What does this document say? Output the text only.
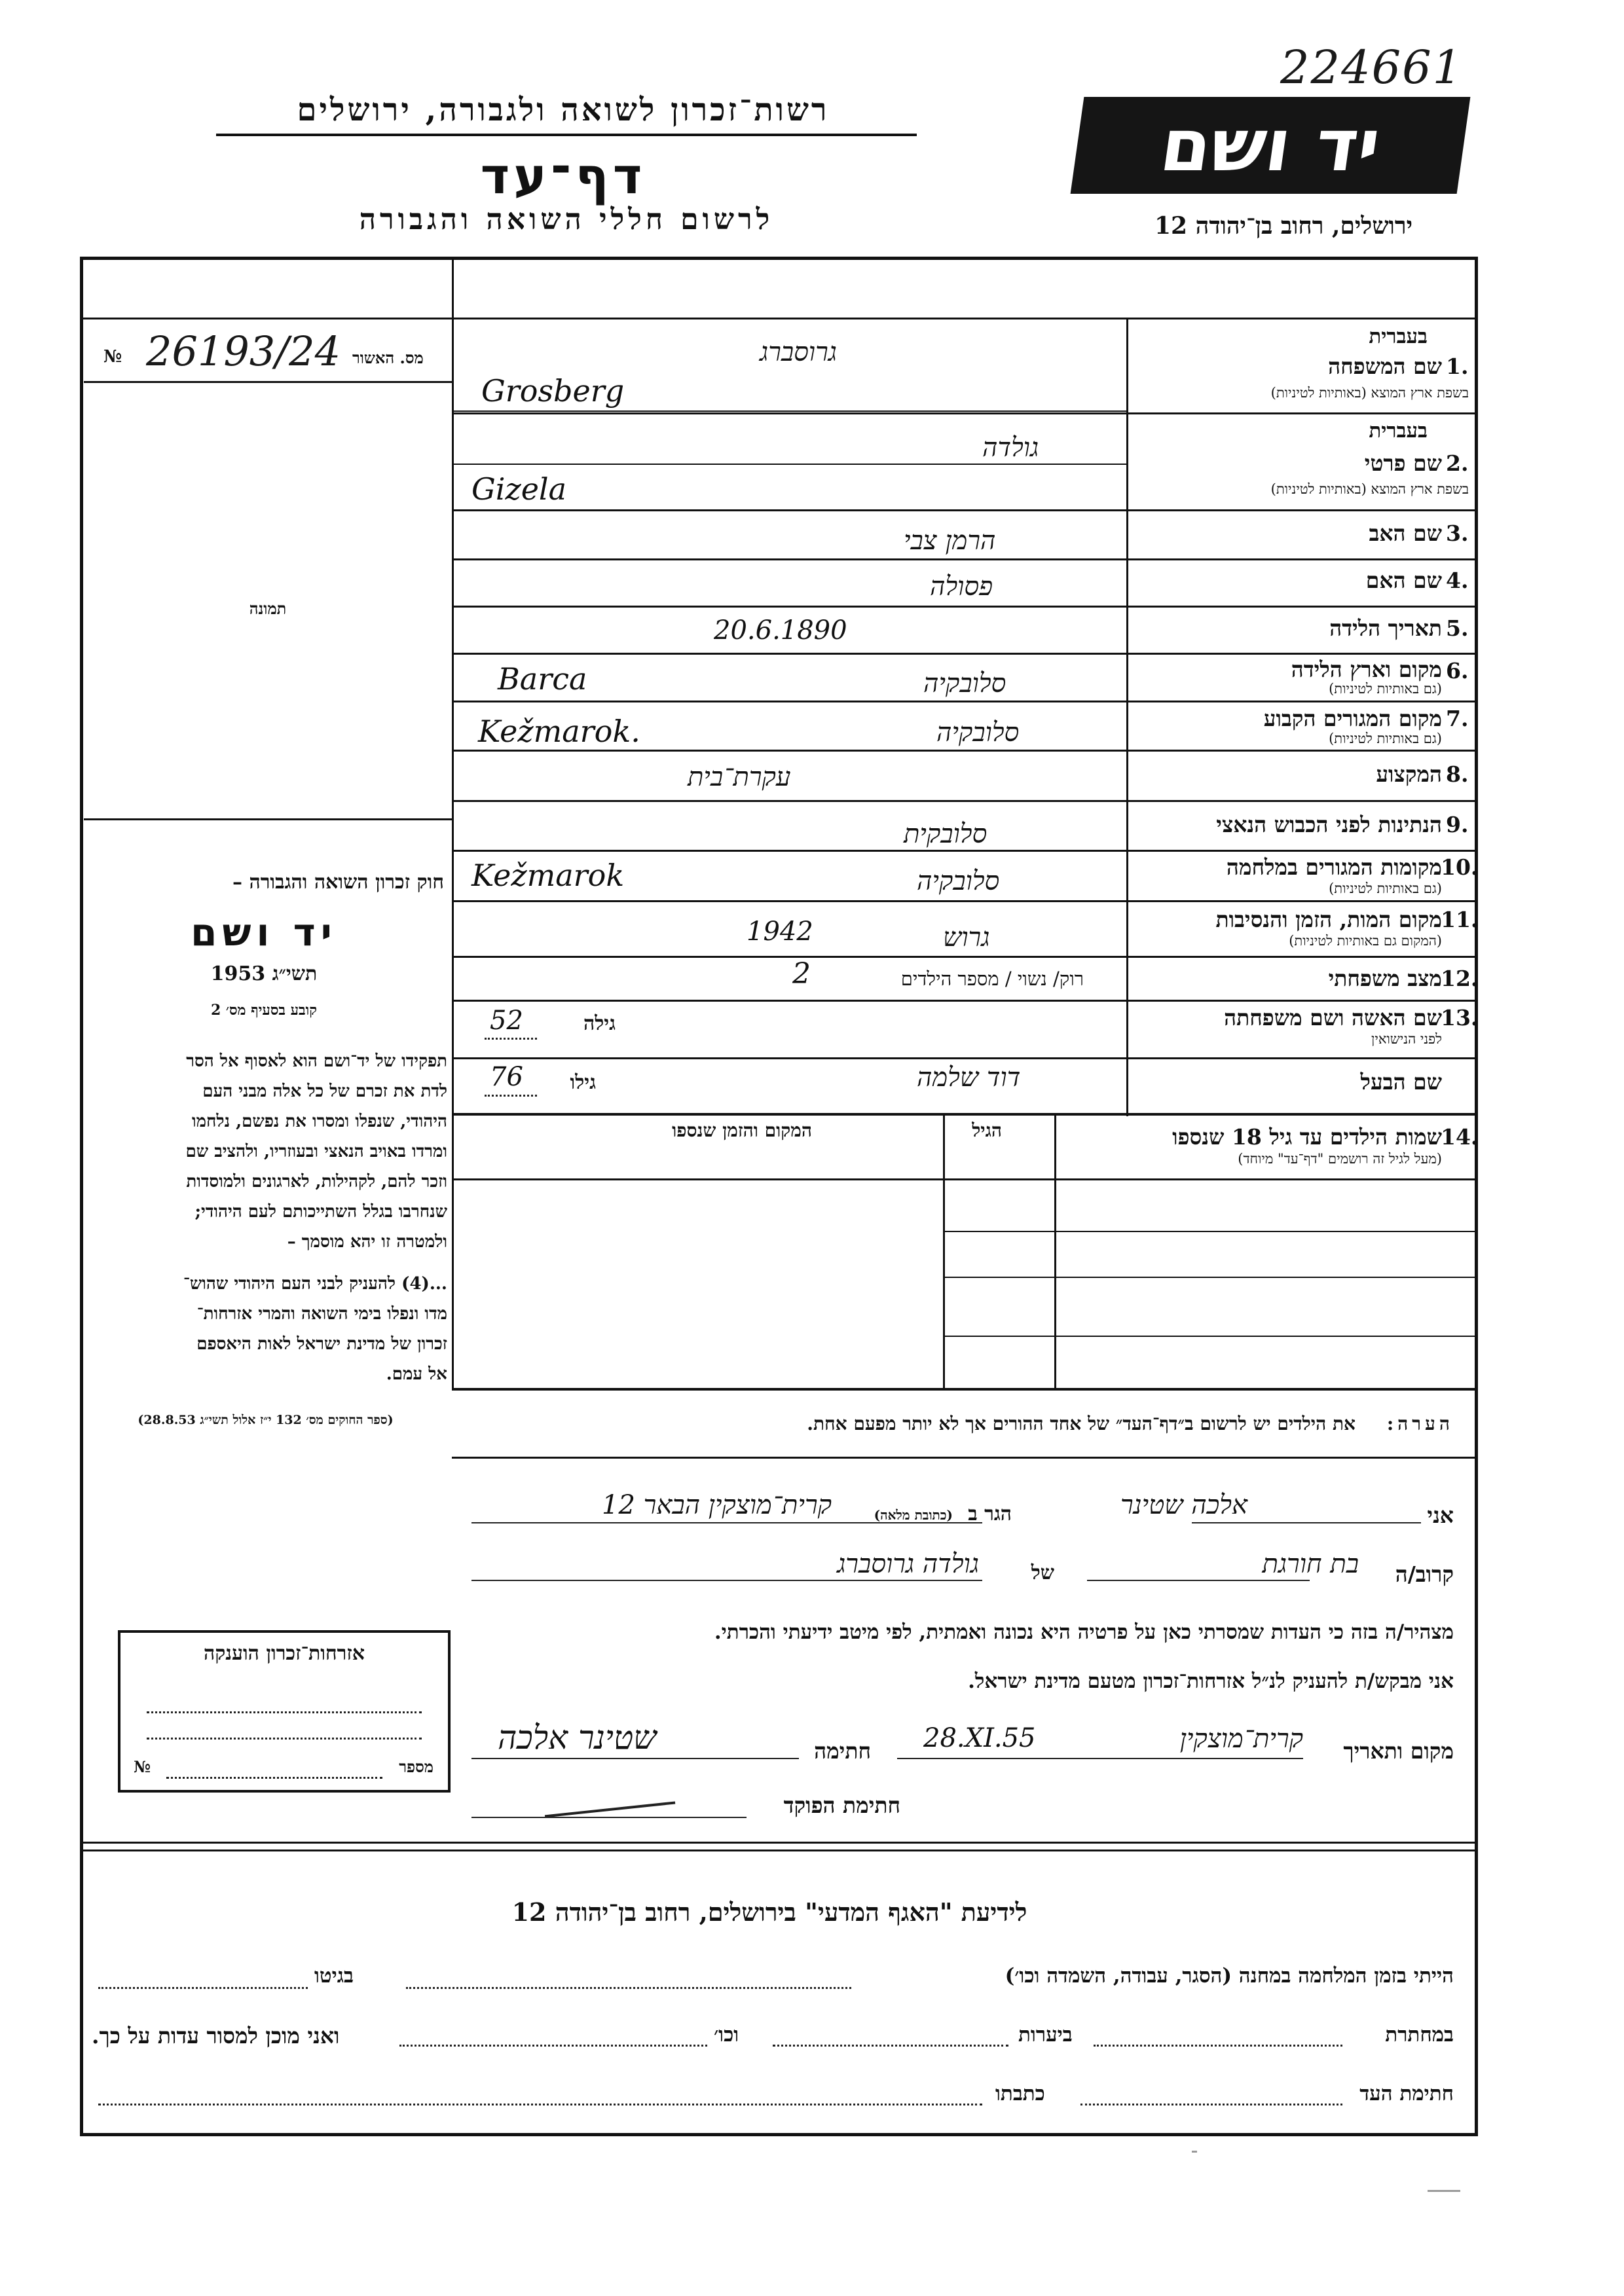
224661
יד ושם
רשות־זכרון לשואה ולגבורה, ירושלים
דף־עד
לרשום חללי השואה והגבורה	ירושלים, רחוב בן־יהודה 12
№ 26193/24 מס. האשור
תמונה
חוק זכרון השואה והגבורה –
יד ושם
תשי״ג 1953
קובע בסעיף מס׳ 2
תפקידו של יד־ושם הוא לאסוף אל הסר
לדת את זכרם של כל אלה מבני העם
היהודי, שנפלו ומסרו את נפשם, נלחמו
ומרדו באויב הנאצי ובעוזריו, ולהציב שם
וזכר להם, לקהילות, לארגונים ולמוסדות
שנחרבו בגלל השתייכותם לעם היהודי;
ולמטרה זו יהא מוסמך –
...(4) להעניק לבני העם היהודי שהוש־
מדו ונפלו בימי השואה והמרי אזרחות־
זכרון של מדינת ישראל לאות היאספם
אל עמם.
(ספר החוקים מס׳ 132 י״ז אלול תשי״ג 28.8.53)
בעברית
1.
שם המשפחה
בשפת ארץ המוצא (באותיות לטיניות)
גרוסברג
Grosberg
בעברית
2.
שם פרטי
בשפת ארץ המוצא (באותיות לטיניות)
גולדה
Gizela
3.
שם האב
הרמן צבי
4.
שם האם
פסולה
5.
תאריך הלידה
20.6.1890
6.
מקום וארץ הלידה
(גם באותיות לטיניות)
סלובקיה
Barca
7.
מקום המגורים הקבוע
(גם באותיות לטיניות)
סלובקיה
Kežmarok.
8.
המקצוע
עקרת־בית
9.
הנתינות לפני הכבוש הנאצי
סלובקית
10.
מקומות המגורים במלחמה
(גם באותיות לטיניות)
סלובקיה
Kežmarok
11.
מקום המות, הזמן והנסיבות
(המקום גם באותיות לטיניות)
גרוש
1942
12.
מצב משפחתי
רוק/ נשוי / מספר הילדים
2
13.
שם האשה ושם משפחתה
לפני הנישואין
גילה
52
שם הבעל
דוד שלמה
גילו
76
14.
שמות הילדים עד גיל 18 שנספו
(מעל לגיל זה רושמים "דף־עד" מיוחד)
הגיל
המקום והזמן שנספו
הערה:
את הילדים יש לרשום ב״דף־העד״ של אחד ההורים אך לא יותר מפעם אחת.
אני
אלכה שטינר
הגר ב
(כתובת מלאה)
קרית־מוצקין הבאר 12
קרוב/ה
בת חורגת
של
גולדה גרוסברג
מצהיר/ה בזה כי העדות שמסרתי כאן על פרטיה היא נכונה ואמתית, לפי מיטב ידיעתי והכרתי.
אני מבקש/ת להעניק לנ״ל אזרחות־זכרון מטעם מדינת ישראל.
מקום ותאריך
קרית־מוצקין
28.XI.55
חתימה
שטינר אלכה
חתימת הפוקד
אזרחות־זכרון הוענקה
מספר
№
לידיעת "האגף המדעי" בירושלים, רחוב בן־יהודה 12
הייתי בזמן המלחמה במחנה (הסגר, עבודה, השמדה וכו׳)
בגיטו
במחתרת
ביערות
וכו׳
ואני מוכן למסור עדות על כך.
חתימת העד
כתבתו
